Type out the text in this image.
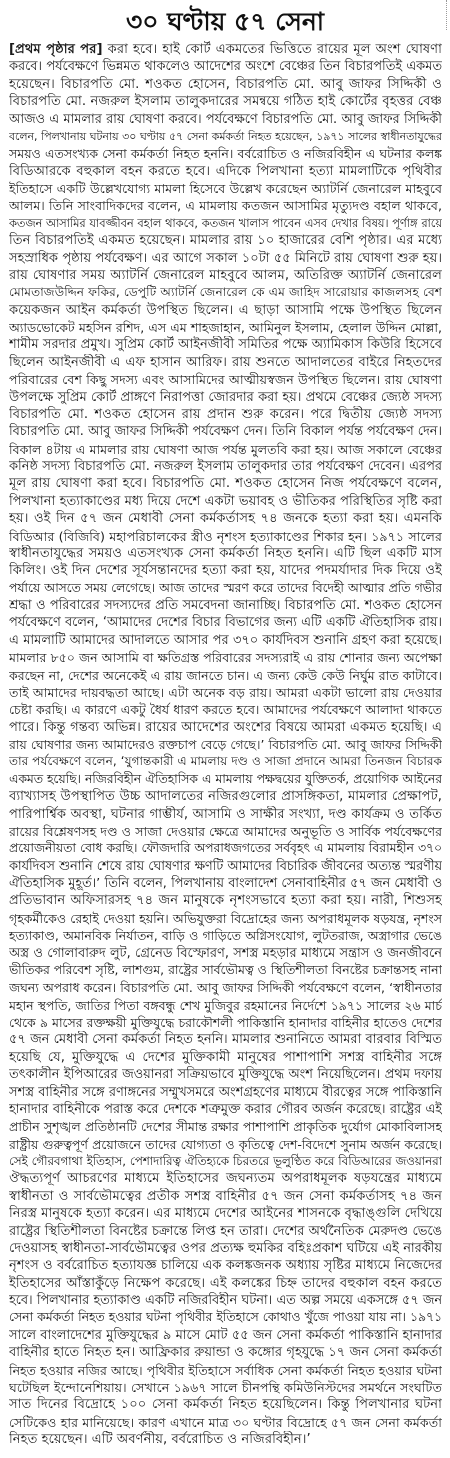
৩০ ঘণ্টায় ৫৭ সেনা
[প্রথম পৃষ্ঠার পর] করা হবে। হাই কোর্ট একমতের ভিত্তিতে রায়ের মূল অংশ ঘোষণা
করবে। পর্যবেক্ষণে ভিন্নমত থাকলেও আদেশের অংশে বেঞ্চের তিন বিচারপতিই একমত
হয়েছেন। বিচারপতি মো. শওকত হোসেন, বিচারপতি মো. আবু জাফর সিদ্দিকী ও
বিচারপতি মো. নজরুল ইসলাম তালুকদারের সমন্বয়ে গঠিত হাই কোর্টের বৃহত্তর বেঞ্চ
আজও এ মামলার রায় ঘোষণা করবে। পর্যবেক্ষণে বিচারপতি মো. আবু জাফর সিদ্দিকী
বলেন, পিলখানায় ঘটনায় ৩০ ঘণ্টায় ৫৭ সেনা কর্মকর্তা নিহত হয়েছেন, ১৯৭১ সালের স্বাধীনতাযুদ্ধের
সময়ও এতসংখ্যক সেনা কর্মকর্তা নিহত হননি। বর্বরোচিত ও নজিরবিহীন এ ঘটনার কলঙ্ক
বিডিআরকে বহুকাল বহন করতে হবে। এদিকে পিলখানা হত্যা মামলাটিকে পৃথিবীর
ইতিহাসে একটি উল্লেখযোগ্য মামলা হিসেবে উল্লেখ করেছেন অ্যাটর্নি জেনারেল মাহবুবে
আলম। তিনি সাংবাদিকদের বলেন, এ মামলায় কতজন আসামির মৃত্যুদণ্ড বহাল থাকবে,
কতজন আসামির যাবজ্জীবন বহাল থাকবে, কতজন খালাস পাবেন এসব দেখার বিষয়। পূর্ণাঙ্গ রায়ে
তিন বিচারপতিই একমত হয়েছেন। মামলার রায় ১০ হাজারের বেশি পৃষ্ঠার। এর মধ্যে
সহস্রাধিক পৃষ্ঠায় পর্যবেক্ষণ। এর আগে সকাল ১০টা ৫৫ মিনিটে রায় ঘোষণা শুরু হয়।
রায় ঘোষণার সময় অ্যাটর্নি জেনারেল মাহবুবে আলম, অতিরিক্ত অ্যাটর্নি জেনারেল
মোমতাজউদ্দিন ফকির, ডেপুটি অ্যাটর্নি জেনারেল কে এম জাহিদ সারোয়ার কাজলসহ বেশ
কয়েকজন আইন কর্মকর্তা উপস্থিত ছিলেন। এ ছাড়া আসামি পক্ষে উপস্থিত ছিলেন
অ্যাডভোকেট মহসিন রশিদ, এস এম শাহজাহান, আমিনুল ইসলাম, হেলাল উদ্দিন মোল্লা,
শামীম সরদার প্রমুখ। সুপ্রিম কোর্ট আইনজীবী সমিতির পক্ষে অ্যামিকাস কিউরি হিসেবে
ছিলেন আইনজীবী এ এফ হাসান আরিফ। রায় শুনতে আদালতের বাইরে নিহতদের
পরিবারের বেশ কিছু সদস্য এবং আসামিদের আত্মীয়স্বজন উপস্থিত ছিলেন। রায় ঘোষণা
উপলক্ষে সুপ্রিম কোর্ট প্রাঙ্গণে নিরাপত্তা জোরদার করা হয়। প্রথমে বেঞ্চের জ্যেষ্ঠ সদস্য
বিচারপতি মো. শওকত হোসেন রায় প্রদান শুরু করেন। পরে দ্বিতীয় জ্যেষ্ঠ সদস্য
বিচারপতি মো. আবু জাফর সিদ্দিকী পর্যবেক্ষণ দেন। তিনি বিকাল পর্যন্ত পর্যবেক্ষণ দেন।
বিকাল ৪টায় এ মামলার রায় ঘোষণা আজ পর্যন্ত মুলতবি করা হয়। আজ সকালে বেঞ্চের
কনিষ্ঠ সদস্য বিচারপতি মো. নজরুল ইসলাম তালুকদার তার পর্যবেক্ষণ দেবেন। এরপর
মূল রায় ঘোষণা করা হবে। বিচারপতি মো. শওকত হোসেন নিজ পর্যবেক্ষণে বলেন,
পিলখানা হত্যাকাণ্ডের মধ্য দিয়ে দেশে একটা ভয়াবহ ও ভীতিকর পরিস্থিতির সৃষ্টি করা
হয়। ওই দিন ৫৭ জন মেধাবী সেনা কর্মকর্তাসহ ৭৪ জনকে হত্যা করা হয়। এমনকি
বিডিআর (বিজিবি) মহাপরিচালকের স্ত্রীও নৃশংস হত্যাকাণ্ডের শিকার হন। ১৯৭১ সালের
স্বাধীনতাযুদ্ধের সময়ও এতসংখ্যক সেনা কর্মকর্তা নিহত হননি। এটি ছিল একটি মাস
কিলিং। ওই দিন দেশের সূর্যসন্তানদের হত্যা করা হয়, যাদের পদমর্যাদার দিক দিয়ে ওই
পর্যায়ে আসতে সময় লেগেছে। আজ তাদের স্মরণ করে তাদের বিদেহী আত্মার প্রতি গভীর
শ্রদ্ধা ও পরিবারের সদস্যদের প্রতি সমবেদনা জানাচ্ছি। বিচারপতি মো. শওকত হোসেন
পর্যবেক্ষণে বলেন, ‘আমাদের দেশের বিচার বিভাগের জন্য এটি একটি ঐতিহাসিক রায়।
এ মামলাটি আমাদের আদালতে আসার পর ৩৭০ কার্যদিবস শুনানি গ্রহণ করা হয়েছে।
মামলার ৮৫০ জন আসামি বা ক্ষতিগ্রস্ত পরিবারের সদস্যরাই এ রায় শোনার জন্য অপেক্ষা
করছেন না, দেশের অনেকেই এ রায় জানতে চান। এ জন্য কেউ কেউ নির্ঘুম রাত কাটাবে।
তাই আমাদের দায়বদ্ধতা আছে। এটা অনেক বড় রায়। আমরা একটা ভালো রায় দেওয়ার
চেষ্টা করছি। এ কারণে একটু ধৈর্য ধারণ করতে হবে। আমাদের পর্যবেক্ষণে আলাদা থাকতে
পারে। কিন্তু গন্তব্য অভিন্ন। রায়ের আদেশের অংশের বিষয়ে আমরা একমত হয়েছি। এ
রায় ঘোষণার জন্য আমাদেরও রক্তচাপ বেড়ে গেছে।’ বিচারপতি মো. আবু জাফর সিদ্দিকী
তার পর্যবেক্ষণে বলেন, ‘যুগান্তকারী এ মামলায় দণ্ড ও সাজা প্রদানে আমরা তিনজন বিচারক
একমত হয়েছি। নজিরবিহীন ঐতিহাসিক এ মামলায় পক্ষদ্বয়ের যুক্তিতর্ক, প্রয়োগিক আইনের
ব্যাখ্যাসহ উপস্থাপিত উচ্চ আদালতের নজিরগুলোর প্রাসঙ্গিকতা, মামলার প্রেক্ষাপট,
পারিপার্শ্বিক অবস্থা, ঘটনার গাম্ভীর্য, আসামি ও সাক্ষীর সংখ্যা, দণ্ড কার্যক্রম ও তর্কিত
রায়ের বিশ্লেষণসহ দণ্ড ও সাজা দেওয়ার ক্ষেত্রে আমাদের অনুভূতি ও সার্বিক পর্যবেক্ষণের
প্রয়োজনীয়তা বোধ করছি। ফৌজদারি অপরাধজগতের সর্ববৃহৎ এ মামলায় বিরামহীন ৩৭০
কার্যদিবস শুনানি শেষে রায় ঘোষণার ক্ষণটি আমাদের বিচারিক জীবনের অত্যন্ত স্মরণীয়
ঐতিহাসিক মুহূর্ত।’ তিনি বলেন, পিলখানায় বাংলাদেশ সেনাবাহিনীর ৫৭ জন মেধাবী ও
প্রতিভাবান অফিসারসহ ৭৪ জন মানুষকে নৃশংসভাবে হত্যা করা হয়। নারী, শিশুসহ
গৃহকর্মীকেও রেহাই দেওয়া হয়নি। অভিযুক্তরা বিদ্রোহের জন্য অপরাধমূলক ষড়যন্ত্র, নৃশংস
হত্যাকাণ্ড, অমানবিক নির্যাতন, বাড়ি ও গাড়িতে অগ্নিসংযোগ, লুটতরাজ, অস্ত্রাগার ভেঙে
অস্ত্র ও গোলাবারুদ লুট, গ্রেনেড বিস্ফোরণ, সশস্ত্র মহড়ার মাধ্যমে সন্ত্রাস ও জনজীবনে
ভীতিকর পরিবেশ সৃষ্টি, লাশগুম, রাষ্ট্রের সার্বভৌমত্ব ও স্থিতিশীলতা বিনষ্টের চক্রান্তসহ নানা
জঘন্য অপরাধ করেন। বিচারপতি মো. আবু জাফর সিদ্দিকী পর্যবেক্ষণে বলেন, ‘স্বাধীনতার
মহান স্থপতি, জাতির পিতা বঙ্গবন্ধু শেখ মুজিবুর রহমানের নির্দেশে ১৯৭১ সালের ২৬ মার্চ
থেকে ৯ মাসের রক্তক্ষয়ী মুক্তিযুদ্ধে চরাকৌশলী পাকিস্তানি হানাদার বাহিনীর হাতেও দেশের
৫৭ জন মেধাবী সেনা কর্মকর্তা নিহত হননি। মামলার শুনানিতে আমরা বারবার বিস্মিত
হয়েছি যে, মুক্তিযুদ্ধে এ দেশের মুক্তিকামী মানুষের পাশাপাশি সশস্ত্র বাহিনীর সঙ্গে
তৎকালীন ইপিআরের জওয়ানরা সক্রিয়ভাবে মুক্তিযুদ্ধে অংশ নিয়েছিলেন। প্রথম দফায়
সশস্ত্র বাহিনীর সঙ্গে রণাঙ্গনের সম্মুখসমরে অংশগ্রহণের মাধ্যমে বীরত্বের সঙ্গে পাকিস্তানি
হানাদার বাহিনীকে পরাস্ত করে দেশকে শত্রুমুক্ত করার গৌরব অর্জন করেছে। রাষ্ট্রের এই
প্রাচীন সুশৃঙ্খল প্রতিষ্ঠানটি দেশের সীমান্ত রক্ষার পাশাপাশি প্রাকৃতিক দুর্যোগ মোকাবিলাসহ
রাষ্ট্রীয় গুরুত্বপূর্ণ প্রয়োজনে তাদের যোগ্যতা ও কৃতিত্বে দেশ-বিদেশে সুনাম অর্জন করেছে।
সেই গৌরবগাথা ইতিহাস, পেশাদারিত্ব ঐতিহ্যকে চিরতরে ভূলুণ্ঠিত করে বিডিআরের জওয়ানরা
ঔদ্ধত্যপূর্ণ আচরণের মাধ্যমে ইতিহাসের জঘন্যতম অপরাধমূলক ষড়যন্ত্রের মাধ্যমে
স্বাধীনতা ও সার্বভৌমত্বের প্রতীক সশস্ত্র বাহিনীর ৫৭ জন সেনা কর্মকর্তাসহ ৭৪ জন
নিরস্ত্র মানুষকে হত্যা করেন। এর মাধ্যমে দেশের আইনের শাসনকে বৃদ্ধাঙ্গুলি দেখিয়ে
রাষ্ট্রের স্থিতিশীলতা বিনষ্টের চক্রান্তে লিপ্ত হন তারা। দেশের অর্থনৈতিক মেরুদণ্ড ভেঙে
দেওয়াসহ স্বাধীনতা-সার্বভৌমত্বের ওপর প্রত্যক্ষ হুমকির বহিঃপ্রকাশ ঘটিয়ে এই নারকীয়
নৃশংস ও বর্বরোচিত হত্যাযজ্ঞ চালিয়ে এক কলঙ্কজনক অধ্যায় সৃষ্টির মাধ্যমে নিজেদের
ইতিহাসের আঁস্তাকুঁড়ে নিক্ষেপ করেছে। এই কলঙ্কের চিহ্ন তাদের বহুকাল বহন করতে
হবে। পিলখানার হত্যাকাণ্ড একটি নজিরবিহীন ঘটনা। এত অল্প সময়ে একসঙ্গে ৫৭ জন
সেনা কর্মকর্তা নিহত হওয়ার ঘটনা পৃথিবীর ইতিহাসে কোথাও খুঁজে পাওয়া যায় না। ১৯৭১
সালে বাংলাদেশের মুক্তিযুদ্ধের ৯ মাসে মোট ৫৫ জন সেনা কর্মকর্তা পাকিস্তানি হানাদার
বাহিনীর হাতে নিহত হন। আফ্রিকার রুয়ান্ডা ও কঙ্গোর গৃহযুদ্ধে ১৭ জন সেনা কর্মকর্তা
নিহত হওয়ার নজির আছে। পৃথিবীর ইতিহাসে সর্বাধিক সেনা কর্মকর্তা নিহত হওয়ার ঘটনা
ঘটেছিল ইন্দোনেশিয়ায়। সেখানে ১৯৬৭ সালে চীনপন্থি কমিউনিস্টদের সমর্থনে সংঘটিত
সাত দিনের বিদ্রোহে ১০০ সেনা কর্মকর্তা নিহত হয়েছিলেন। কিন্তু পিলখানার ঘটনা
সেটিকেও হার মানিয়েছে। কারণ এখানে মাত্র ৩০ ঘণ্টার বিদ্রোহে ৫৭ জন সেনা কর্মকর্তা
নিহত হয়েছেন। এটি অবর্ণনীয়, বর্বরোচিত ও নজিরবিহীন।’
